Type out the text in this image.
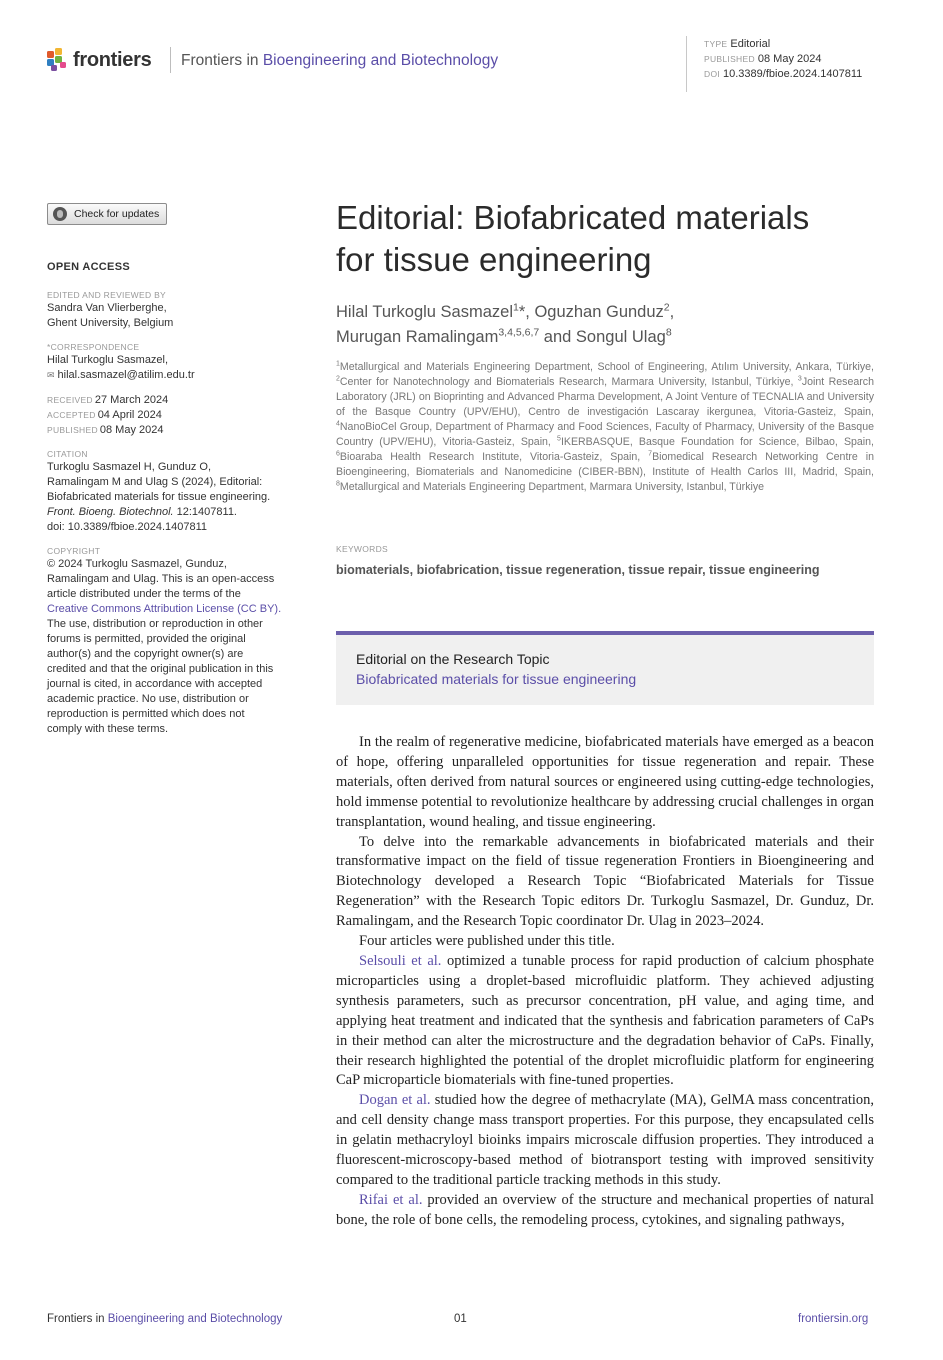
frontiers Frontiers in Bioengineering and Biotechnology
TYPE Editorial
PUBLISHED 08 May 2024
DOI 10.3389/fbioe.2024.1407811
Check for updates
OPEN ACCESS
EDITED AND REVIEWED BY
Sandra Van Vlierberghe,
Ghent University, Belgium
*CORRESPONDENCE
Hilal Turkoglu Sasmazel,
✉ hilal.sasmazel@atilim.edu.tr
RECEIVED 27 March 2024
ACCEPTED 04 April 2024
PUBLISHED 08 May 2024
CITATION
Turkoglu Sasmazel H, Gunduz O,
Ramalingam M and Ulag S (2024), Editorial:
Biofabricated materials for tissue engineering.
Front. Bioeng. Biotechnol. 12:1407811.
doi: 10.3389/fbioe.2024.1407811
COPYRIGHT
© 2024 Turkoglu Sasmazel, Gunduz,
Ramalingam and Ulag. This is an open-access
article distributed under the terms of the
Creative Commons Attribution License (CC BY).
The use, distribution or reproduction in other
forums is permitted, provided the original
author(s) and the copyright owner(s) are
credited and that the original publication in this
journal is cited, in accordance with accepted
academic practice. No use, distribution or
reproduction is permitted which does not
comply with these terms.
Editorial: Biofabricated materials
for tissue engineering
Hilal Turkoglu Sasmazel$^1$*, Oguzhan Gunduz$^2$,
Murugan Ramalingam$^{3,4,5,6,7}$ and Songul Ulag$^8$
$^1$Metallurgical and Materials Engineering Department, School of Engineering, Atılım University, Ankara, Türkiye, $^2$Center for Nanotechnology and Biomaterials Research, Marmara University, Istanbul, Türkiye, $^3$Joint Research Laboratory (JRL) on Bioprinting and Advanced Pharma Development, A Joint Venture of TECNALIA and University of the Basque Country (UPV/EHU), Centro de investigación Lascaray ikergunea, Vitoria-Gasteiz, Spain, $^4$NanoBioCel Group, Department of Pharmacy and Food Sciences, Faculty of Pharmacy, University of the Basque Country (UPV/EHU), Vitoria-Gasteiz, Spain, $^5$IKERBASQUE, Basque Foundation for Science, Bilbao, Spain, $^6$Bioaraba Health Research Institute, Vitoria-Gasteiz, Spain, $^7$Biomedical Research Networking Centre in Bioengineering, Biomaterials and Nanomedicine (CIBER-BBN), Institute of Health Carlos III, Madrid, Spain, $^8$Metallurgical and Materials Engineering Department, Marmara University, Istanbul, Türkiye
KEYWORDS
biomaterials, biofabrication, tissue regeneration, tissue repair, tissue engineering
Editorial on the Research Topic
Biofabricated materials for tissue engineering

In the realm of regenerative medicine, biofabricated materials have emerged as a beacon of hope, offering unparalleled opportunities for tissue regeneration and repair. These materials, often derived from natural sources or engineered using cutting-edge technologies, hold immense potential to revolutionize healthcare by addressing crucial challenges in organ transplantation, wound healing, and tissue engineering.

To delve into the remarkable advancements in biofabricated materials and their transformative impact on the field of tissue regeneration Frontiers in Bioengineering and Biotechnology developed a Research Topic “Biofabricated Materials for Tissue Regeneration” with the Research Topic editors Dr. Turkoglu Sasmazel, Dr. Gunduz, Dr. Ramalingam, and the Research Topic coordinator Dr. Ulag in 2023–2024.

Four articles were published under this title.

Selsouli et al. optimized a tunable process for rapid production of calcium phosphate microparticles using a droplet-based microfluidic platform. They achieved adjusting synthesis parameters, such as precursor concentration, pH value, and aging time, and applying heat treatment and indicated that the synthesis and fabrication parameters of CaPs in their method can alter the microstructure and the degradation behavior of CaPs. Finally, their research highlighted the potential of the droplet microfluidic platform for engineering CaP microparticle biomaterials with fine-tuned properties.

Dogan et al. studied how the degree of methacrylate (MA), GelMA mass concentration, and cell density change mass transport properties. For this purpose, they encapsulated cells in gelatin methacryloyl bioinks impairs microscale diffusion properties. They introduced a fluorescent-microscopy-based method of biotransport testing with improved sensitivity compared to the traditional particle tracking methods in this study.

Rifai et al. provided an overview of the structure and mechanical properties of natural bone, the role of bone cells, the remodeling process, cytokines, and signaling pathways,

Frontiers in Bioengineering and Biotechnology	01	frontiersin.org
